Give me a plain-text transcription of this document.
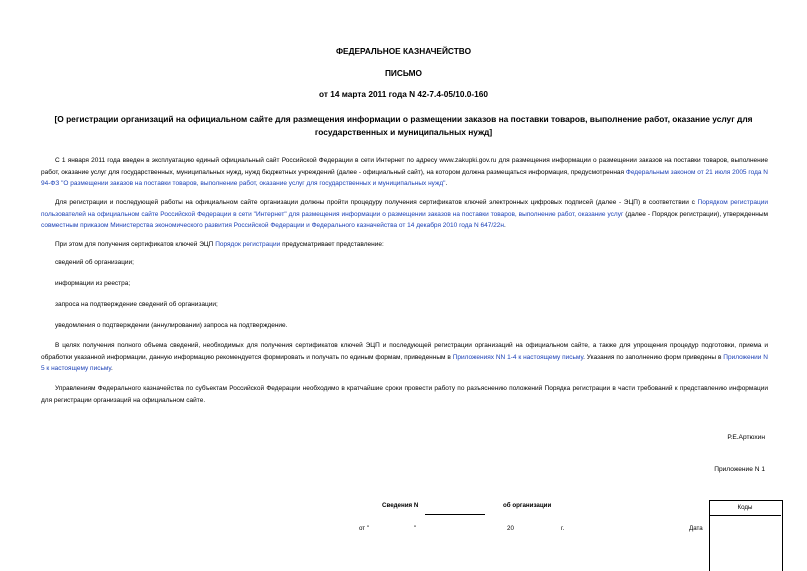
ФЕДЕРАЛЬНОЕ КАЗНАЧЕЙСТВО
ПИСЬМО
от 14 марта 2011 года N 42-7.4-05/10.0-160
[О регистрации организаций на официальном сайте для размещения информации о размещении заказов на поставки товаров, выполнение работ, оказание услуг для государственных и муниципальных нужд]
С 1 января 2011 года введен в эксплуатацию единый официальный сайт Российской Федерации в сети Интернет по адресу www.zakupki.gov.ru для размещения информации о размещении заказов на поставки товаров, выполнение работ, оказание услуг для государственных, муниципальных нужд, нужд бюджетных учреждений (далее - официальный сайт), на котором должна размещаться информация, предусмотренная Федеральным законом от 21 июля 2005 года N 94-ФЗ "О размещении заказов на поставки товаров, выполнение работ, оказание услуг для государственных и муниципальных нужд".
Для регистрации и последующей работы на официальном сайте организации должны пройти процедуру получения сертификатов ключей электронных цифровых подписей (далее - ЭЦП) в соответствии с Порядком регистрации пользователей на официальном сайте Российской Федерации в сети "Интернет" для размещения информации о размещении заказов на поставки товаров, выполнение работ, оказание услуг (далее - Порядок регистрации), утвержденным совместным приказом Министерства экономического развития Российской Федерации и Федерального казначейства от 14 декабря 2010 года N 647/22н.
При этом для получения сертификатов ключей ЭЦП Порядок регистрации предусматривает представление:
сведений об организации;
информации из реестра;
запроса на подтверждение сведений об организации;
уведомления о подтверждении (аннулировании) запроса на подтверждение.
В целях получения полного объема сведений, необходимых для получения сертификатов ключей ЭЦП и последующей регистрации организаций на официальном сайте, а также для упрощения процедур подготовки, приема и обработки указанной информации, данную информацию рекомендуется формировать и получать по единым формам, приведенным в Приложениях NN 1-4 к настоящему письму. Указания по заполнению форм приведены в Приложении N 5 к настоящему письму.
Управлениям Федерального казначейства по субъектам Российской Федерации необходимо в кратчайшие сроки провести работу по разъяснению положений Порядка регистрации в части требований к представлению информации для регистрации организаций на официальном сайте.
Р.Е.Артюхин
Приложение N 1
Сведения N	об организации	Коды
от "	"	20	г.	Дата
